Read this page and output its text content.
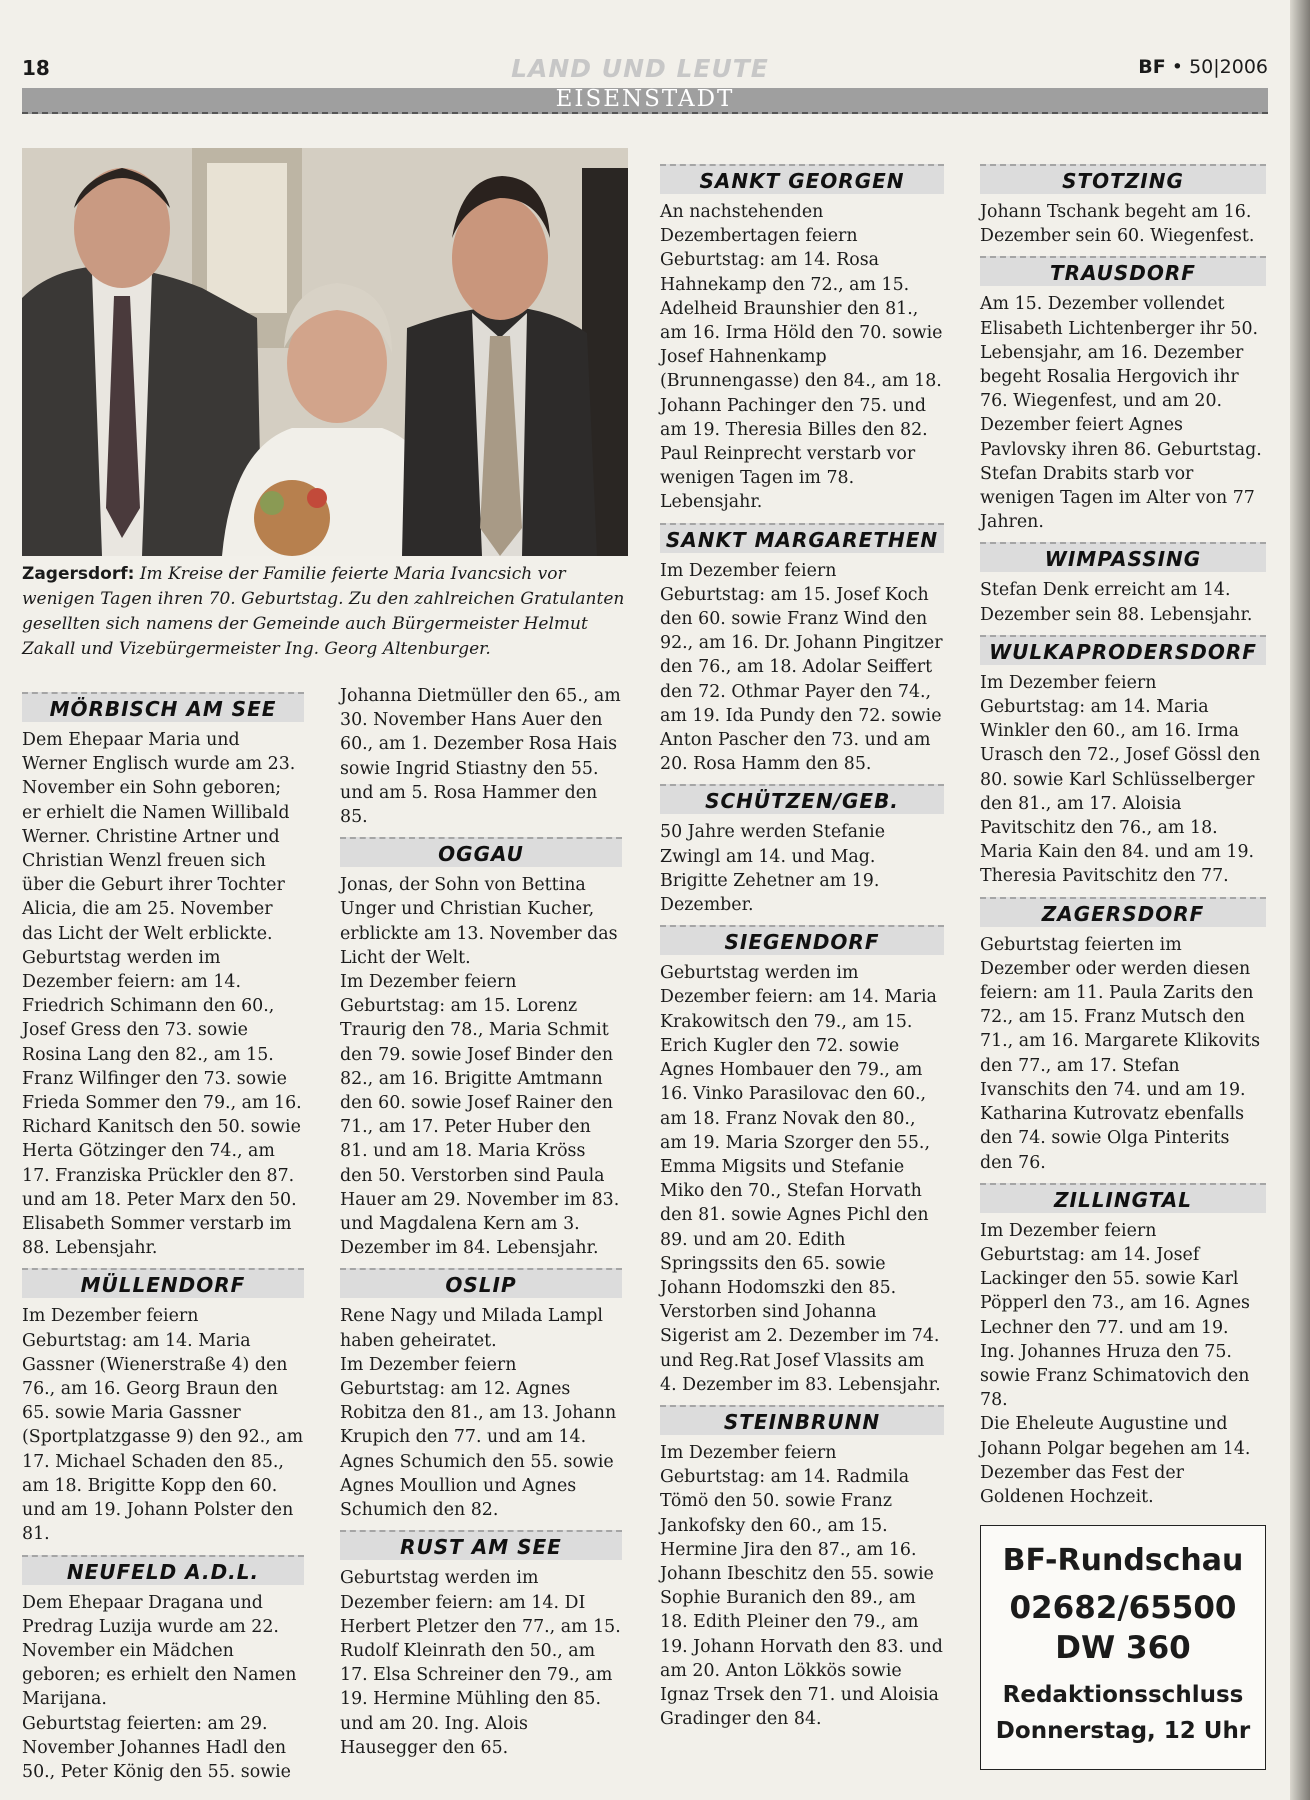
18	LAND UND LEUTE	BF • 50|2006
EISENSTADT
Zagersdorf: Im Kreise der Familie feierte Maria Ivancsich vor wenigen Tagen ihren 70. Geburtstag. Zu den zahlreichen Gratulanten gesellten sich namens der Gemeinde auch Bürgermeister Helmut Zakall und Vizebürgermeister Ing. Georg Altenburger.
MÖRBISCH AM SEE

Dem Ehepaar Maria und Werner Englisch wurde am 23. November ein Sohn geboren; er erhielt die Namen Willibald Werner. Christine Artner und Christian Wenzl freuen sich über die Geburt ihrer Tochter Alicia, die am 25. November das Licht der Welt erblickte. Geburtstag werden im Dezember feiern: am 14. Friedrich Schimann den 60., Josef Gress den 73. sowie Rosina Lang den 82., am 15. Franz Wilfinger den 73. sowie Frieda Sommer den 79., am 16. Richard Kanitsch den 50. sowie Herta Götzinger den 74., am 17. Franziska Prückler den 87. und am 18. Peter Marx den 50. Elisabeth Sommer verstarb im 88. Lebensjahr.

MÜLLENDORF

Im Dezember feiern Geburtstag: am 14. Maria Gassner (Wienerstraße 4) den 76., am 16. Georg Braun den 65. sowie Maria Gassner (Sportplatzgasse 9) den 92., am 17. Michael Schaden den 85., am 18. Brigitte Kopp den 60. und am 19. Johann Polster den 81.

NEUFELD A.D.L.

Dem Ehepaar Dragana und Predrag Luzija wurde am 22. November ein Mädchen geboren; es erhielt den Namen Marijana.

Geburtstag feierten: am 29. November Johannes Hadl den 50., Peter König den 55. sowie

Johanna Dietmüller den 65., am 30. November Hans Auer den 60., am 1. Dezember Rosa Hais sowie Ingrid Stiastny den 55. und am 5. Rosa Hammer den 85.

OGGAU

Jonas, der Sohn von Bettina Unger und Christian Kucher, erblickte am 13. November das Licht der Welt.

Im Dezember feiern Geburtstag: am 15. Lorenz Traurig den 78., Maria Schmit den 79. sowie Josef Binder den 82., am 16. Brigitte Amtmann den 60. sowie Josef Rainer den 71., am 17. Peter Huber den 81. und am 18. Maria Kröss den 50. Verstorben sind Paula Hauer am 29. November im 83. und Magdalena Kern am 3. Dezember im 84. Lebensjahr.

OSLIP

Rene Nagy und Milada Lampl haben geheiratet.

Im Dezember feiern Geburtstag: am 12. Agnes Robitza den 81., am 13. Johann Krupich den 77. und am 14. Agnes Schumich den 55. sowie Agnes Moullion und Agnes Schumich den 82.

RUST AM SEE

Geburtstag werden im Dezember feiern: am 14. DI Herbert Pletzer den 77., am 15. Rudolf Kleinrath den 50., am 17. Elsa Schreiner den 79., am 19. Hermine Mühling den 85. und am 20. Ing. Alois Hausegger den 65.

SANKT GEORGEN

An nachstehenden Dezembertagen feiern Geburtstag: am 14. Rosa Hahnekamp den 72., am 15. Adelheid Braunshier den 81., am 16. Irma Höld den 70. sowie Josef Hahnenkamp (Brunnengasse) den 84., am 18. Johann Pachinger den 75. und am 19. Theresia Billes den 82.

Paul Reinprecht verstarb vor wenigen Tagen im 78. Lebensjahr.

SANKT MARGARETHEN

Im Dezember feiern Geburtstag: am 15. Josef Koch den 60. sowie Franz Wind den 92., am 16. Dr. Johann Pingitzer den 76., am 18. Adolar Seiffert den 72. Othmar Payer den 74., am 19. Ida Pundy den 72. sowie Anton Pascher den 73. und am 20. Rosa Hamm den 85.

SCHÜTZEN/GEB.

50 Jahre werden Stefanie Zwingl am 14. und Mag. Brigitte Zehetner am 19. Dezember.

SIEGENDORF

Geburtstag werden im Dezember feiern: am 14. Maria Krakowitsch den 79., am 15. Erich Kugler den 72. sowie Agnes Hombauer den 79., am 16. Vinko Parasilovac den 60., am 18. Franz Novak den 80., am 19. Maria Szorger den 55., Emma Migsits und Stefanie Miko den 70., Stefan Horvath den 81. sowie Agnes Pichl den 89. und am 20. Edith Springssits den 65. sowie Johann Hodomszki den 85.

Verstorben sind Johanna Sigerist am 2. Dezember im 74. und Reg.Rat Josef Vlassits am 4. Dezember im 83. Lebensjahr.

STEINBRUNN

Im Dezember feiern Geburtstag: am 14. Radmila Tömö den 50. sowie Franz Jankofsky den 60., am 15. Hermine Jira den 87., am 16. Johann Ibeschitz den 55. sowie Sophie Buranich den 89., am 18. Edith Pleiner den 79., am 19. Johann Horvath den 83. und am 20. Anton Lökkös sowie Ignaz Trsek den 71. und Aloisia Gradinger den 84.

STOTZING

Johann Tschank begeht am 16. Dezember sein 60. Wiegenfest.

TRAUSDORF

Am 15. Dezember vollendet Elisabeth Lichtenberger ihr 50. Lebensjahr, am 16. Dezember begeht Rosalia Hergovich ihr 76. Wiegenfest, und am 20. Dezember feiert Agnes Pavlovsky ihren 86. Geburtstag.

Stefan Drabits starb vor wenigen Tagen im Alter von 77 Jahren.

WIMPASSING

Stefan Denk erreicht am 14. Dezember sein 88. Lebensjahr.

WULKAPRODERSDORF

Im Dezember feiern Geburtstag: am 14. Maria Winkler den 60., am 16. Irma Urasch den 72., Josef Gössl den 80. sowie Karl Schlüsselberger den 81., am 17. Aloisia Pavitschitz den 76., am 18. Maria Kain den 84. und am 19. Theresia Pavitschitz den 77.

ZAGERSDORF

Geburtstag feierten im Dezember oder werden diesen feiern: am 11. Paula Zarits den 72., am 15. Franz Mutsch den 71., am 16. Margarete Klikovits den 77., am 17. Stefan Ivanschits den 74. und am 19. Katharina Kutrovatz ebenfalls den 74. sowie Olga Pinterits den 76.

ZILLINGTAL

Im Dezember feiern Geburtstag: am 14. Josef Lackinger den 55. sowie Karl Pöpperl den 73., am 16. Agnes Lechner den 77. und am 19. Ing. Johannes Hruza den 75. sowie Franz Schimatovich den 78.

Die Eheleute Augustine und Johann Polgar begehen am 14. Dezember das Fest der Goldenen Hochzeit.

BF-Rundschau
02682/65500
DW 360
Redaktionsschluss
Donnerstag, 12 Uhr
